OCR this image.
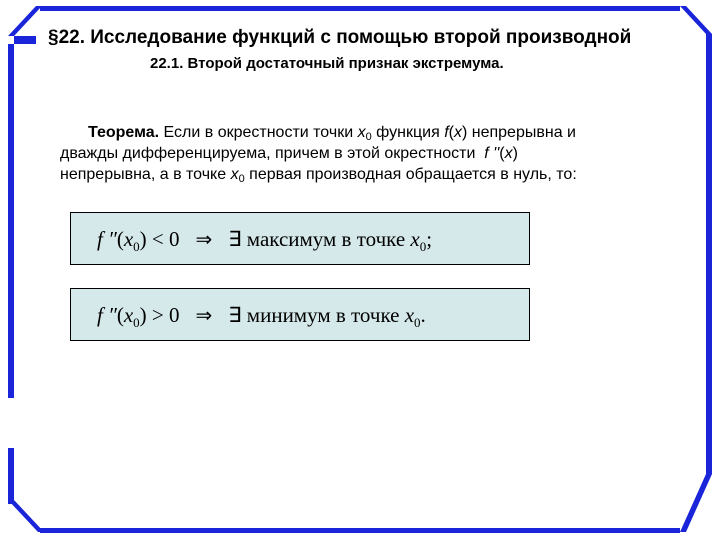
§22. Исследование функций с помощью второй производной
22.1. Второй достаточный признак экстремума.
Теорема. Если в окрестности точки $x_0$ функция f(x) непрерывна и
дважды дифференцируема, причем в этой окрестности f ''(x)
непрерывна, а в точке $x_0$ первая производная обращается в нуль, то:
f $''(x_0) < 0$ ⇒ ∃ максимум в точке $x_0$;
f $''(x_0) > 0$ ⇒ ∃ минимум в точке $x_0$.
